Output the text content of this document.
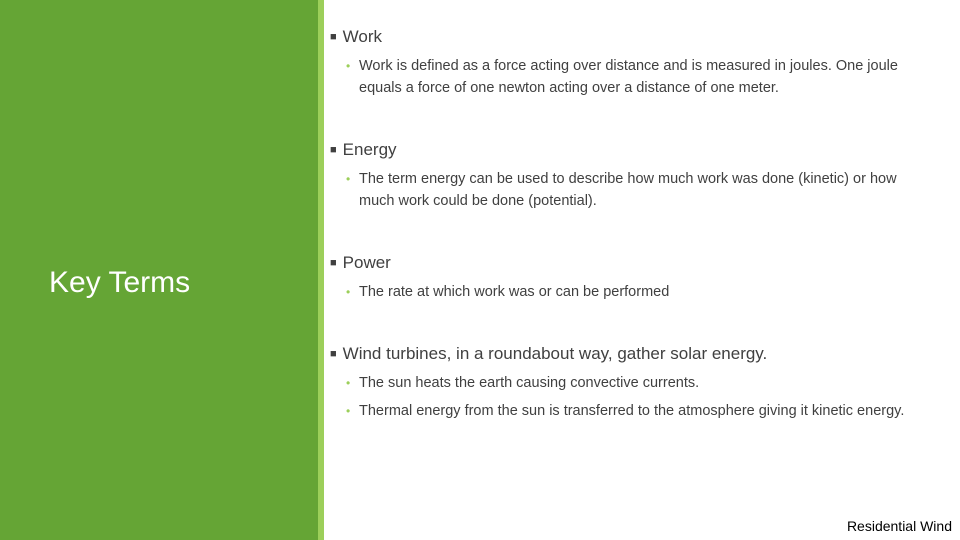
Key Terms
■ Work
• Work is defined as a force acting over distance and is measured in joules. One joule equals a force of one newton acting over a distance of one meter.
■ Energy
• The term energy can be used to describe how much work was done (kinetic) or how much work could be done (potential).
■ Power
• The rate at which work was or can be performed
■ Wind turbines, in a roundabout way, gather solar energy.
• The sun heats the earth causing convective currents.
• Thermal energy from the sun is transferred to the atmosphere giving it kinetic energy.
Residential Wind
